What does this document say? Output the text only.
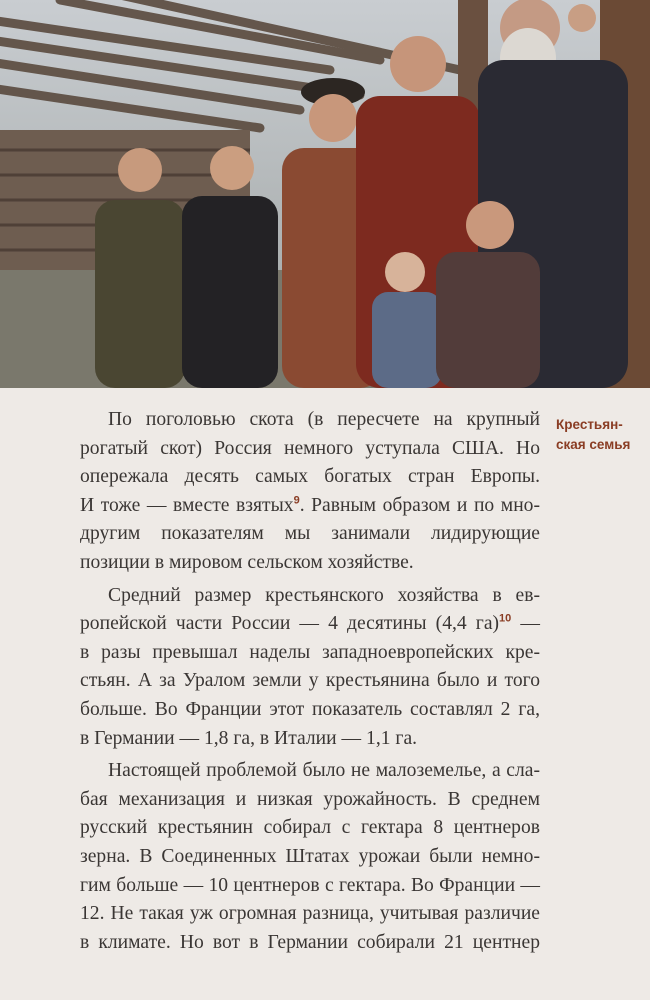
Крестьян-
ская семья
По поголовью скота (в пересчете на крупный
рогатый скот) Россия немного уступала США. Но
опережала десять самых богатых стран Европы.
И тоже — вместе взятых$^9$. Равным образом и по мно-
другим показателям мы занимали лидирующие
позиции в мировом сельском хозяйстве.
Средний размер крестьянского хозяйства в ев-
ропейской части России — 4 десятины (4,4 га)$^{10}$ —
в разы превышал наделы западноевропейских кре-
стьян. А за Уралом земли у крестьянина было и того
больше. Во Франции этот показатель составлял 2 га,
в Германии — 1,8 га, в Италии — 1,1 га.
Настоящей проблемой было не малоземелье, а сла-
бая механизация и низкая урожайность. В среднем
русский крестьянин собирал с гектара 8 центнеров
зерна. В Соединенных Штатах урожаи были немно-
гим больше — 10 центнеров с гектара. Во Франции —
12. Не такая уж огромная разница, учитывая различие
в климате. Но вот в Германии собирали 21 центнер
